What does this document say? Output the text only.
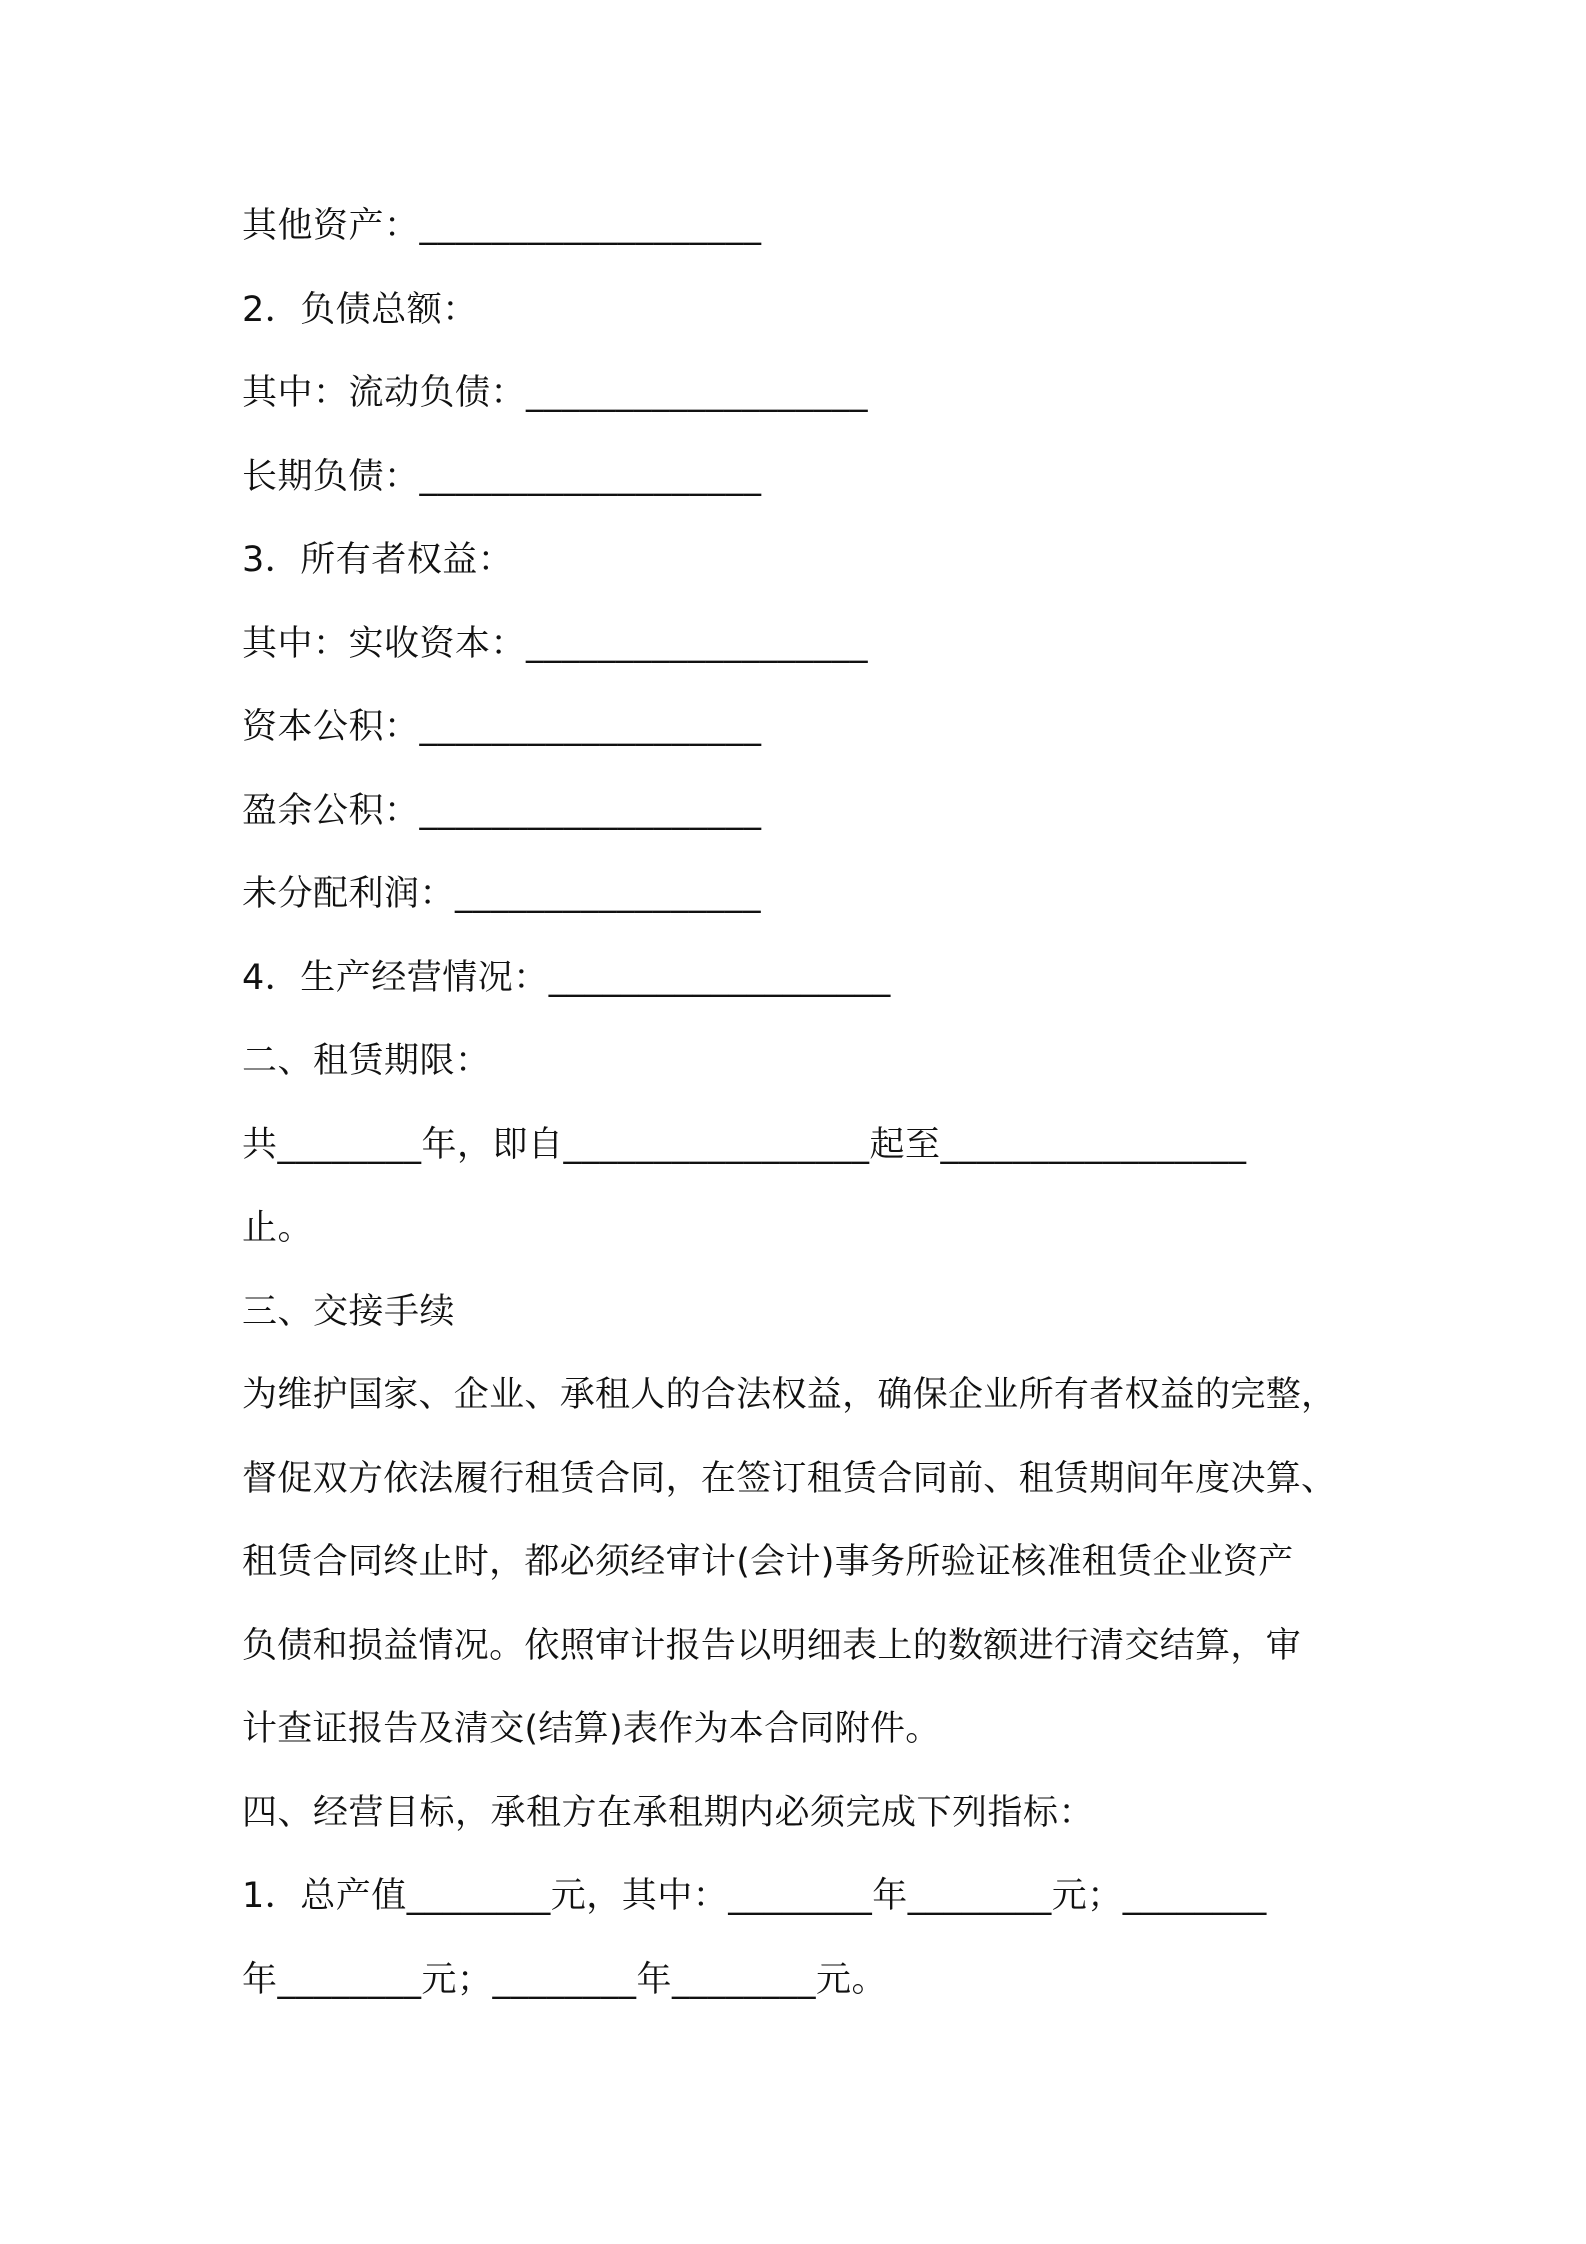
其他资产：___________________
2．负债总额：
其中：流动负债：___________________
长期负债：___________________
3．所有者权益：
其中：实收资本：___________________
资本公积：___________________
盈余公积：___________________
未分配利润：_________________
4．生产经营情况：___________________
二、租赁期限：
共________年，即自_________________起至_________________
止。
三、交接手续
为维护国家、企业、承租人的合法权益，确保企业所有者权益的完整，
督促双方依法履行租赁合同，在签订租赁合同前、租赁期间年度决算、
租赁合同终止时，都必须经审计(会计)事务所验证核准租赁企业资产
负债和损益情况。依照审计报告以明细表上的数额进行清交结算，审
计查证报告及清交(结算)表作为本合同附件。
四、经营目标，承租方在承租期内必须完成下列指标：
1．总产值________元，其中：________年________元；________
年________元；________年________元。
